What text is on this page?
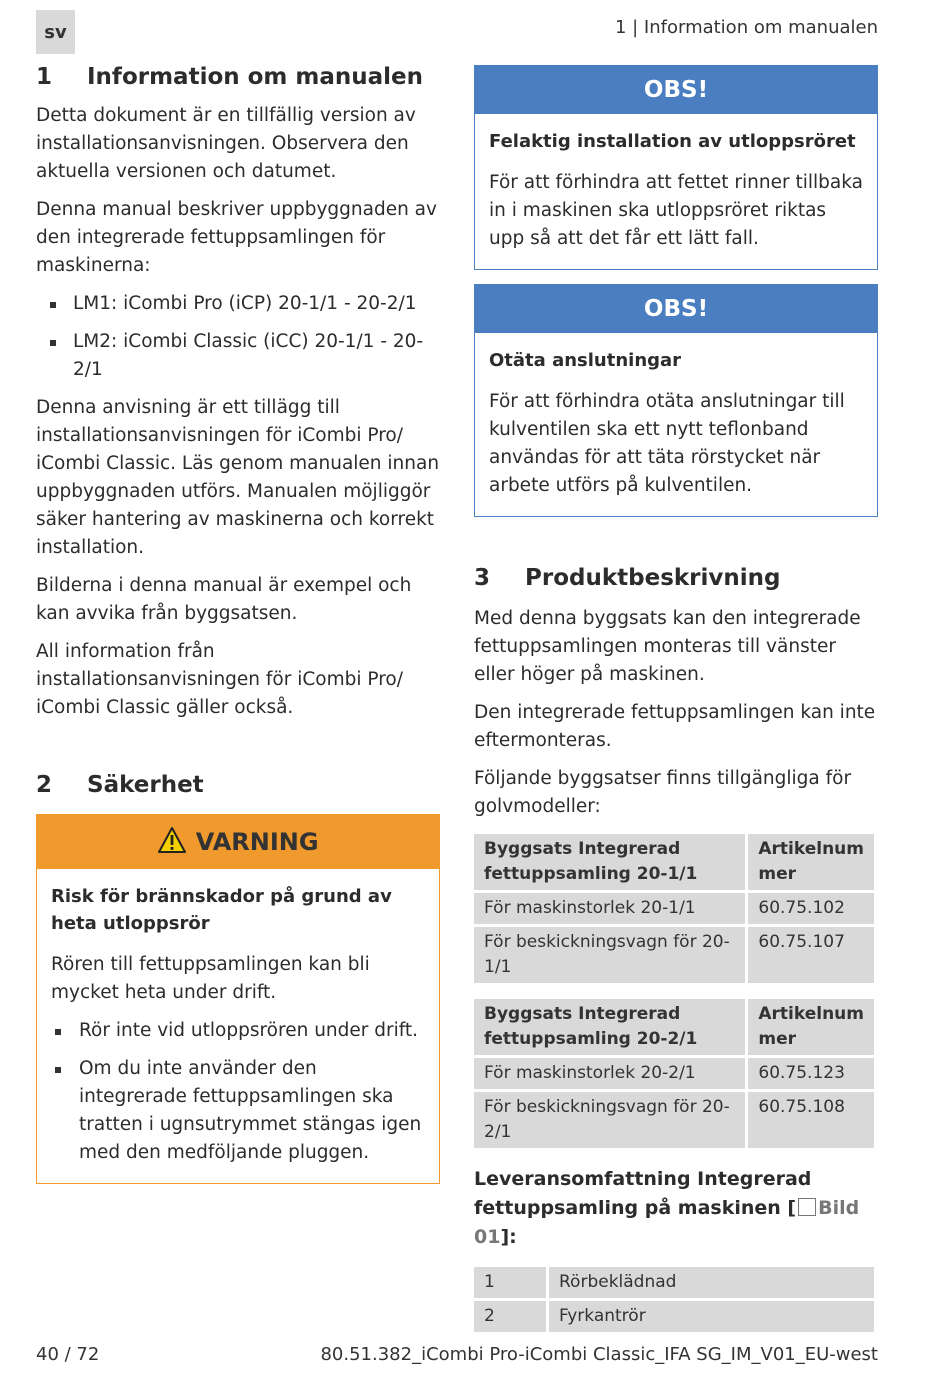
sv	1 | Information om manualen
1	Information om manualen

Detta dokument är en tillfällig version av installationsanvisningen. Observera den aktuella versionen och datumet.

Denna manual beskriver uppbyggnaden av den integrerade fettuppsamlingen för maskinerna:

LM1: iCombi Pro (iCP) 20-1/1 - 20-2/1
LM2: iCombi Classic (iCC) 20-1/1 - 20-2/1

Denna anvisning är ett tillägg till installationsanvisningen för iCombi Pro/ iCombi Classic. Läs genom manualen innan uppbyggnaden utförs. Manualen möjliggör säker hantering av maskinerna och korrekt installation.

Bilderna i denna manual är exempel och kan avvika från byggsatsen.

All information från installationsanvisningen för iCombi Pro/ iCombi Classic gäller också.

2	Säkerhet
VARNING
Risk för brännskador på grund av heta utloppsrör

Rören till fettuppsamlingen kan bli mycket heta under drift.

Rör inte vid utloppsrören under drift.
Om du inte använder den integrerade fettuppsamlingen ska tratten i ugnsutrymmet stängas igen med den medföljande pluggen.
OBS!
Felaktig installation av utloppsröret

För att förhindra att fettet rinner tillbaka in i maskinen ska utloppsröret riktas upp så att det får ett lätt fall.

OBS!
Otäta anslutningar

För att förhindra otäta anslutningar till kulventilen ska ett nytt teflonband användas för att täta rörstycket när arbete utförs på kulventilen.

3	Produktbeskrivning

Med denna byggsats kan den integrerade fettuppsamlingen monteras till vänster eller höger på maskinen.

Den integrerade fettuppsamlingen kan inte eftermonteras.

Följande byggsatser finns tillgängliga för golvmodeller:

Byggsats Integrerad fettuppsamling 20-1/1	Artikelnum mer
För maskinstorlek 20-1/1	60.75.102
För beskickningsvagn för 20-1/1	60.75.107
Byggsats Integrerad fettuppsamling 20-2/1	Artikelnum mer
För maskinstorlek 20-2/1	60.75.123
För beskickningsvagn för 20-2/1	60.75.108
Leveransomfattning Integrerad fettuppsamling på maskinen [ Bild 01]:
1	Rörbeklädnad
2	Fyrkantrör
40 / 72	80.51.382_iCombi Pro-iCombi Classic_IFA SG_IM_V01_EU-west
